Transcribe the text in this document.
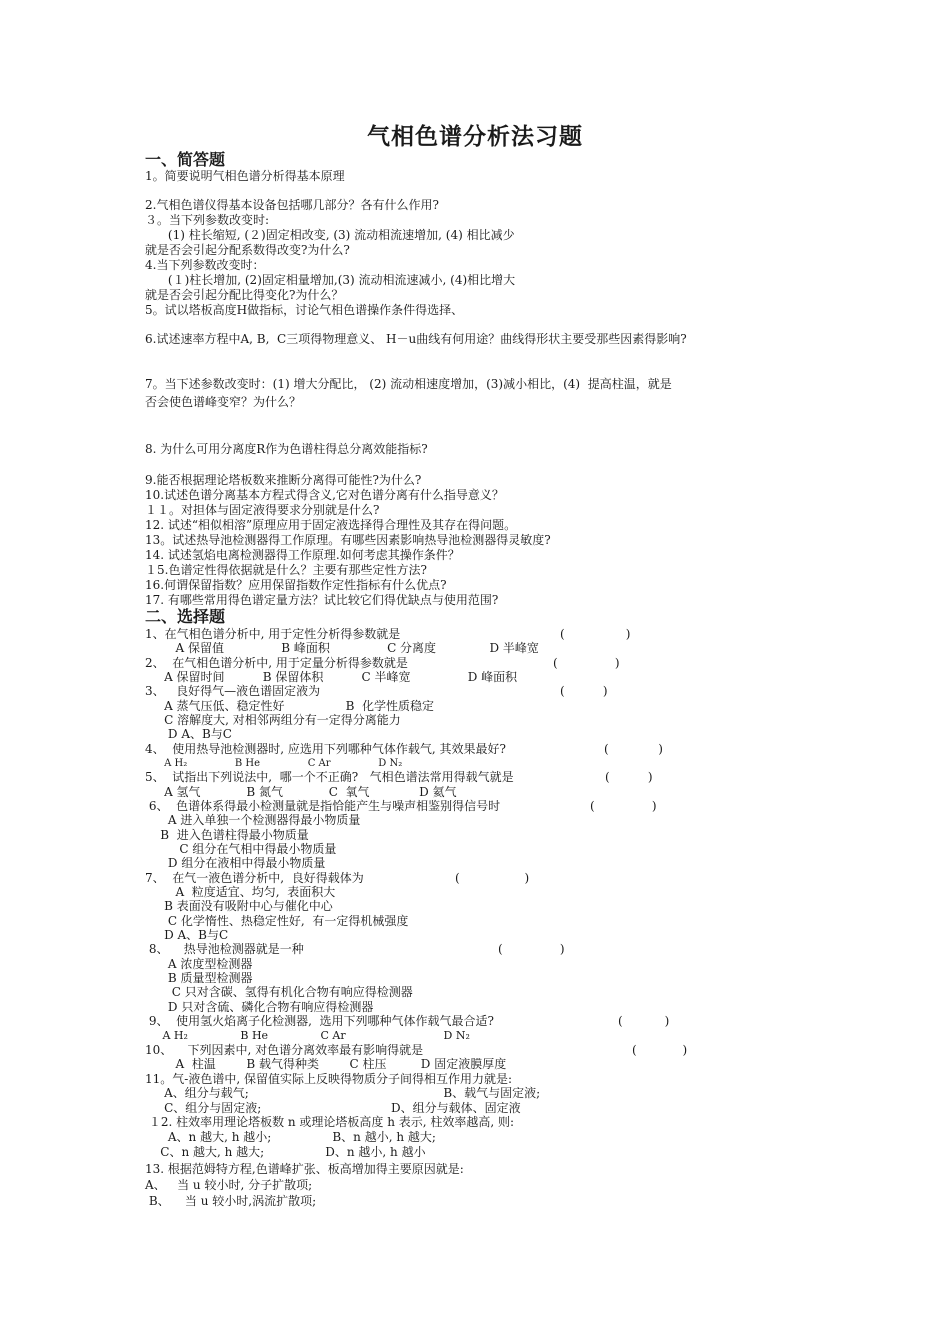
气相色谱分析法习题
一、简答题
1。简要说明气相色谱分析得基本原理
2.气相色谱仪得基本设备包括哪几部分？各有什么作用?
３。当下列参数改变时:
(1) 柱长缩短, (２)固定相改变, (3) 流动相流速增加, (4) 相比减少
就是否会引起分配系数得改变?为什么?
4.当下列参数改变时：
(１)柱长增加, (2)固定相量增加,(3) 流动相流速减小, (4)相比增大
就是否会引起分配比得变化?为什么？
5。试以塔板高度H做指标，讨论气相色谱操作条件得选择、
6.试述速率方程中A, B,  C三项得物理意义、 H－u曲线有何用途？曲线得形状主要受那些因素得影响?
7。当下述参数改变时：(1) 增大分配比， (2) 流动相速度增加，(3)减小相比，(4)  提高柱温，就是
否会使色谱峰变窄？为什么？
8. 为什么可用分离度R作为色谱柱得总分离效能指标?
9.能否根据理论塔板数来推断分离得可能性?为什么?
10.试述色谱分离基本方程式得含义,它对色谱分离有什么指导意义？
１１。对担体与固定液得要求分别就是什么?
12. 试述“相似相溶”原理应用于固定液选择得合理性及其存在得问题。
13。试述热导池检测器得工作原理。有哪些因素影响热导池检测器得灵敏度?
14. 试述氢焰电离检测器得工作原理.如何考虑其操作条件？
１5.色谱定性得依据就是什么？主要有那些定性方法?
16.何谓保留指数？应用保留指数作定性指标有什么优点?
17. 有哪些常用得色谱定量方法？试比较它们得优缺点与使用范围?
二、选择题
1、在气相色谱分析中, 用于定性分析得参数就是	(                )
A 保留值               B 峰面积               C 分离度              D 半峰宽
2、  在气相色谱分析中, 用于定量分析得参数就是	(               )
A 保留时间          B 保留体积          C 半峰宽               D 峰面积
3、   良好得气—液色谱固定液为	(          )
A 蒸气压低、稳定性好                B  化学性质稳定
C 溶解度大, 对相邻两组分有一定得分离能力
D A、B与C
4、  使用热导池检测器时, 应选用下列哪种气体作载气, 其效果最好?	(             )
A H₂               B He               C Ar               D N₂
5、  试指出下列说法中,  哪一个不正确?   气相色谱法常用得载气就是	(          )
A 氢气            B 氮气            C  氧气             D 氦气
6、  色谱体系得最小检测量就是指恰能产生与噪声相鉴别得信号时	(               )
A 进入单独一个检测器得最小物质量
B  进入色谱柱得最小物质量
C 组分在气相中得最小物质量
D 组分在液相中得最小物质量
7、  在气一液色谱分析中,  良好得载体为	(                 )
A  粒度适宜、均匀,  表面积大
B 表面没有吸附中心与催化中心
C 化学惰性、热稳定性好,  有一定得机械强度
D A、B与C
8、    热导池检测器就是一种	(               )
A 浓度型检测器
B 质量型检测器
C 只对含碳、氢得有机化合物有响应得检测器
D 只对含硫、磷化合物有响应得检测器
9、  使用氢火焰离子化检测器,  选用下列哪种气体作载气最合适?	(           )
A H₂               B He               C Ar                            D N₂
10、    下列因素中, 对色谱分离效率最有影响得就是	(            )
A  柱温        B 载气得种类        C 柱压         D 固定液膜厚度
11。气-液色谱中, 保留值实际上反映得物质分子间得相互作用力就是:
A、组分与载气;                                                   B、载气与固定液;
C、组分与固定液;                                  D、组分与载体、固定液
１2. 柱效率用理论塔板数 n 或理论塔板高度 h 表示, 柱效率越高, 则:
A、n 越大, h 越小;                B、n 越小, h 越大;
C、n 越大, h 越大;                D、n 越小, h 越小
13. 根据范姆特方程,色谱峰扩张、板高增加得主要原因就是:
A、   当 u 较小时, 分子扩散项;
B、    当 u 较小时,涡流扩散项;
